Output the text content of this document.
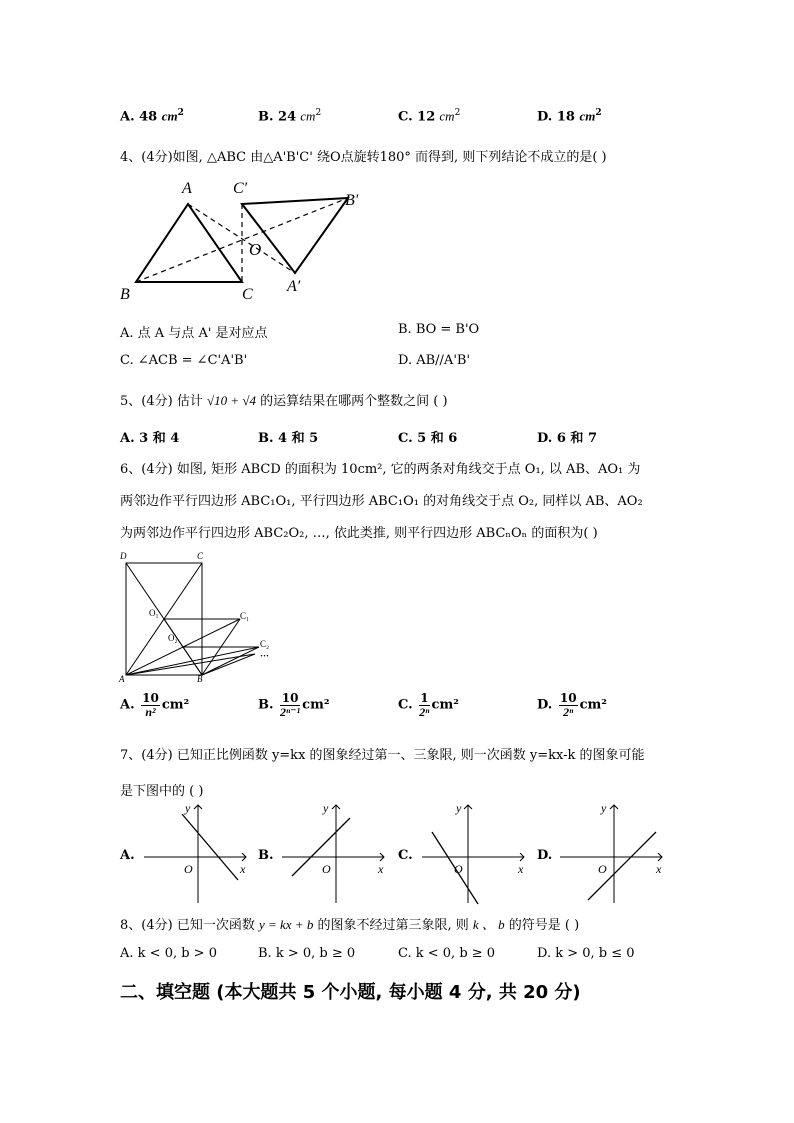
A. 48 $cm^2$	B. 24 $cm^2$	C. 12 $cm^2$	D. 18 $cm^2$
4、(4分)如图, △ABC 由△A'B'C' 绕O点旋转180° 而得到, 则下列结论不成立的是( )
A
B	C
C′
B′
A′
O
A. 点 A 与点 A' 是对应点	B. BO = B'O
C. ∠ACB = ∠C'A'B'	D. AB//A'B'
5、(4分) 估计 √10 + √4 的运算结果在哪两个整数之间 ( )
A. 3 和 4	B. 4 和 5	C. 5 和 6	D. 6 和 7
6、(4分) 如图, 矩形 ABCD 的面积为 10cm², 它的两条对角线交于点 O₁, 以 AB、AO₁ 为
两邻边作平行四边形 ABC₁O₁, 平行四边形 ABC₁O₁ 的对角线交于点 O₂, 同样以 AB、AO₂
为两邻边作平行四边形 ABC₂O₂, …, 依此类推, 则平行四边形 ABCₙOₙ 的面积为( )
D	C
O₁
O₂
C₁
C₂
···
A	B
A. $\frac{10}{\text{n²}} cm^2$	B. $\frac{10}{\text{2ⁿ⁻¹}} cm^2$	C. $\frac{1}{\text{2ⁿ}} cm^2$	D. $\frac{10}{\text{2ⁿ}} cm^2$
7、(4分) 已知正比例函数 y=kx 的图象经过第一、三象限, 则一次函数 y=kx-k 的图象可能
是下图中的 ( )
A.	B.	C.	D.
y
x
O
y
x
O
y
x
O
y
x
O
8、(4分) 已知一次函数 y = kx + b 的图象不经过第三象限, 则 k 、 b 的符号是 ( )
A. k < 0, b > 0	B. k > 0, b ≥ 0	C. k < 0, b ≥ 0	D. k > 0, b ≤ 0
二、填空题 (本大题共 5 个小题, 每小题 4 分, 共 20 分)
